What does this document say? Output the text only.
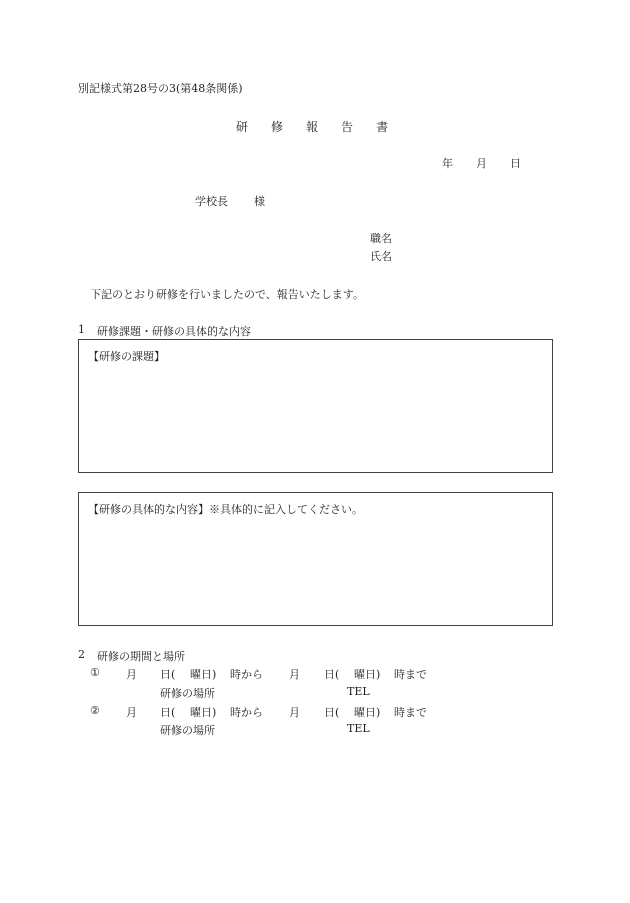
別記様式第28号の3(第48条関係)
研 修 報 告 書
年 月 日
学校長 様
職名
氏名
下記のとおり研修を行いましたので、報告いたします。
1 研修課題・研修の具体的な内容
【研修の課題】
【研修の具体的な内容】※具体的に記入してください。
2 研修の期間と場所
① 月 日( 曜日) 時から 月 日( 曜日) 時まで
研修の場所	TEL
② 月 日( 曜日) 時から 月 日( 曜日) 時まで
研修の場所	TEL
